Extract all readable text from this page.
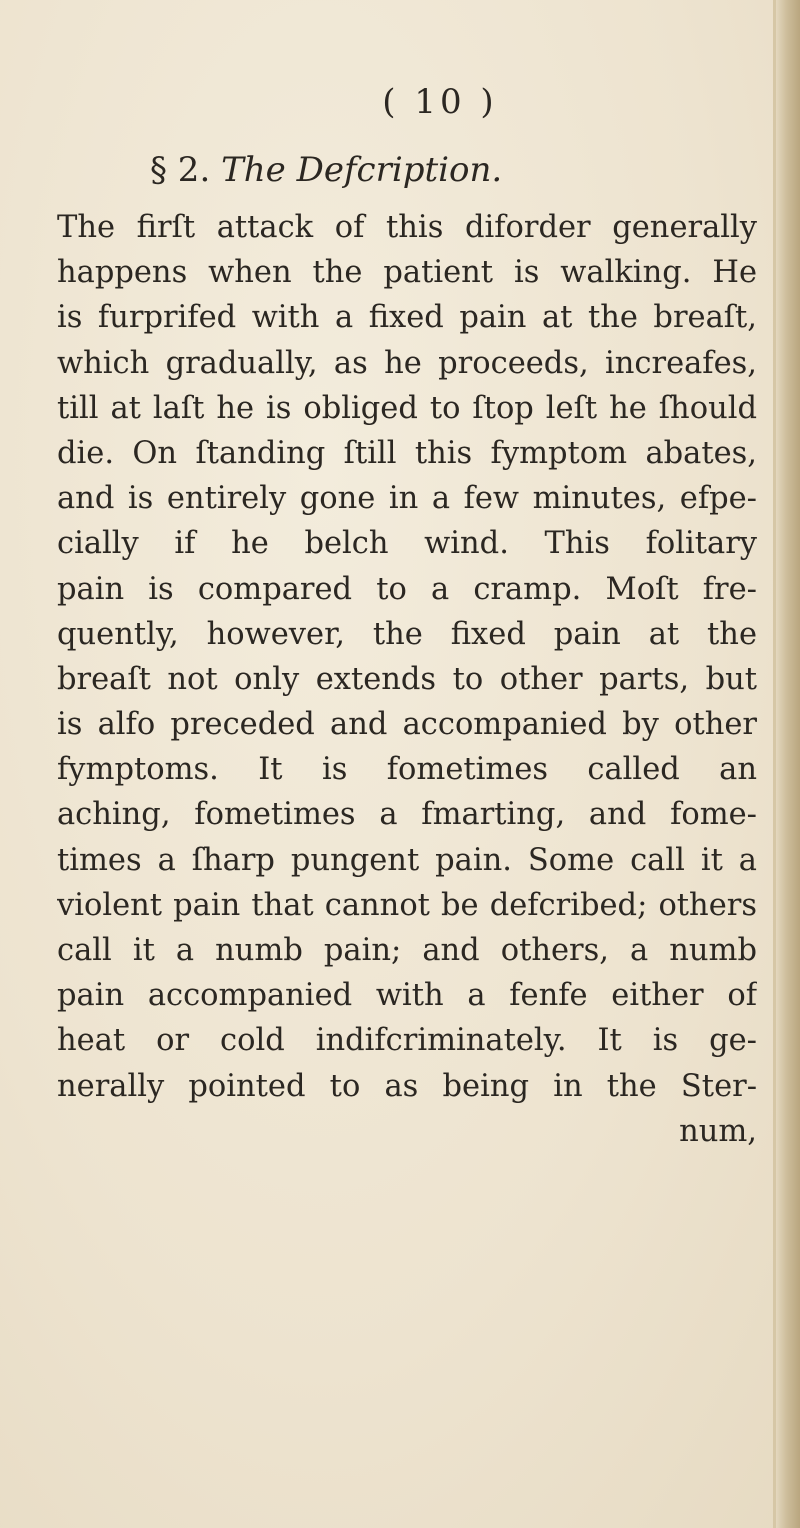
( 10 )

§ 2. The Defcription.

The firſt attack of this diforder generally
happens when the patient is walking. He
is furprifed with a fixed pain at the breaſt,
which gradually, as he proceeds, increafes,
till at laſt he is obliged to ſtop leſt he ſhould
die. On ſtanding ſtill this fymptom abates,
and is entirely gone in a few minutes, efpe-
cially if he belch wind. This folitary
pain is compared to a cramp. Moſt fre-
quently, however, the fixed pain at the
breaſt not only extends to other parts, but
is alfo preceded and accompanied by other
fymptoms. It is fometimes called an
aching, fometimes a fmarting, and fome-
times a ſharp pungent pain. Some call it a
violent pain that cannot be defcribed; others
call it a numb pain; and others, a numb
pain accompanied with a fenfe either of
heat or cold indifcriminately. It is ge-
nerally pointed to as being in the Ster-
num,
